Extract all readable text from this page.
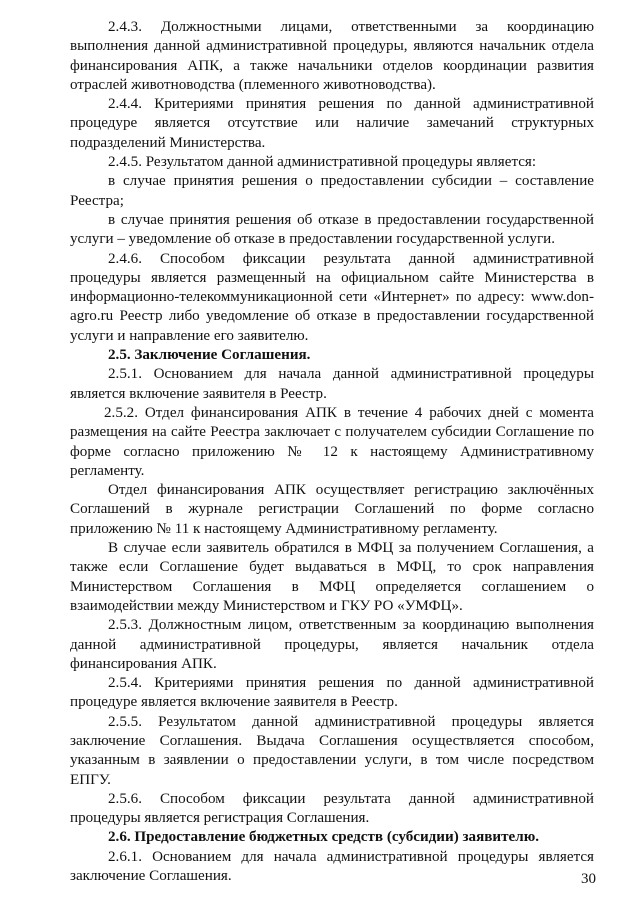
2.4.3. Должностными лицами, ответственными за координацию выполнения данной административной процедуры, являются начальник отдела финансирования АПК, а также начальники отделов координации развития отраслей животноводства (племенного животноводства).

2.4.4. Критериями принятия решения по данной административной процедуре является отсутствие или наличие замечаний структурных подразделений Министерства.

2.4.5. Результатом данной административной процедуры является:

в случае принятия решения о предоставлении субсидии – составление Реестра;

в случае принятия решения об отказе в предоставлении государственной услуги – уведомление об отказе в предоставлении государственной услуги.

2.4.6. Способом фиксации результата данной административной процедуры является размещенный на официальном сайте Министерства в информационно-телекоммуникационной сети «Интернет» по адресу: www.don-agro.ru Реестр либо уведомление об отказе в предоставлении государственной услуги и направление его заявителю.

2.5. Заключение Соглашения.

2.5.1. Основанием для начала данной административной процедуры является включение заявителя в Реестр.

2.5.2. Отдел финансирования АПК в течение 4 рабочих дней с момента размещения на сайте Реестра заключает с получателем субсидии Соглашение по форме согласно приложению № 12 к настоящему Административному регламенту.

Отдел финансирования АПК осуществляет регистрацию заключённых Соглашений в журнале регистрации Соглашений по форме согласно приложению № 11 к настоящему Административному регламенту.

В случае если заявитель обратился в МФЦ за получением Соглашения, а также если Соглашение будет выдаваться в МФЦ, то срок направления Министерством Соглашения в МФЦ определяется соглашением о взаимодействии между Министерством и ГКУ РО «УМФЦ».

2.5.3. Должностным лицом, ответственным за координацию выполнения данной административной процедуры, является начальник отдела финансирования АПК.

2.5.4. Критериями принятия решения по данной административной процедуре является включение заявителя в Реестр.

2.5.5. Результатом данной административной процедуры является заключение Соглашения. Выдача Соглашения осуществляется способом, указанным в заявлении о предоставлении услуги, в том числе посредством ЕПГУ.

2.5.6. Способом фиксации результата данной административной процедуры является регистрация Соглашения.

2.6. Предоставление бюджетных средств (субсидии) заявителю.

2.6.1. Основанием для начала административной процедуры является заключение Соглашения.	30
